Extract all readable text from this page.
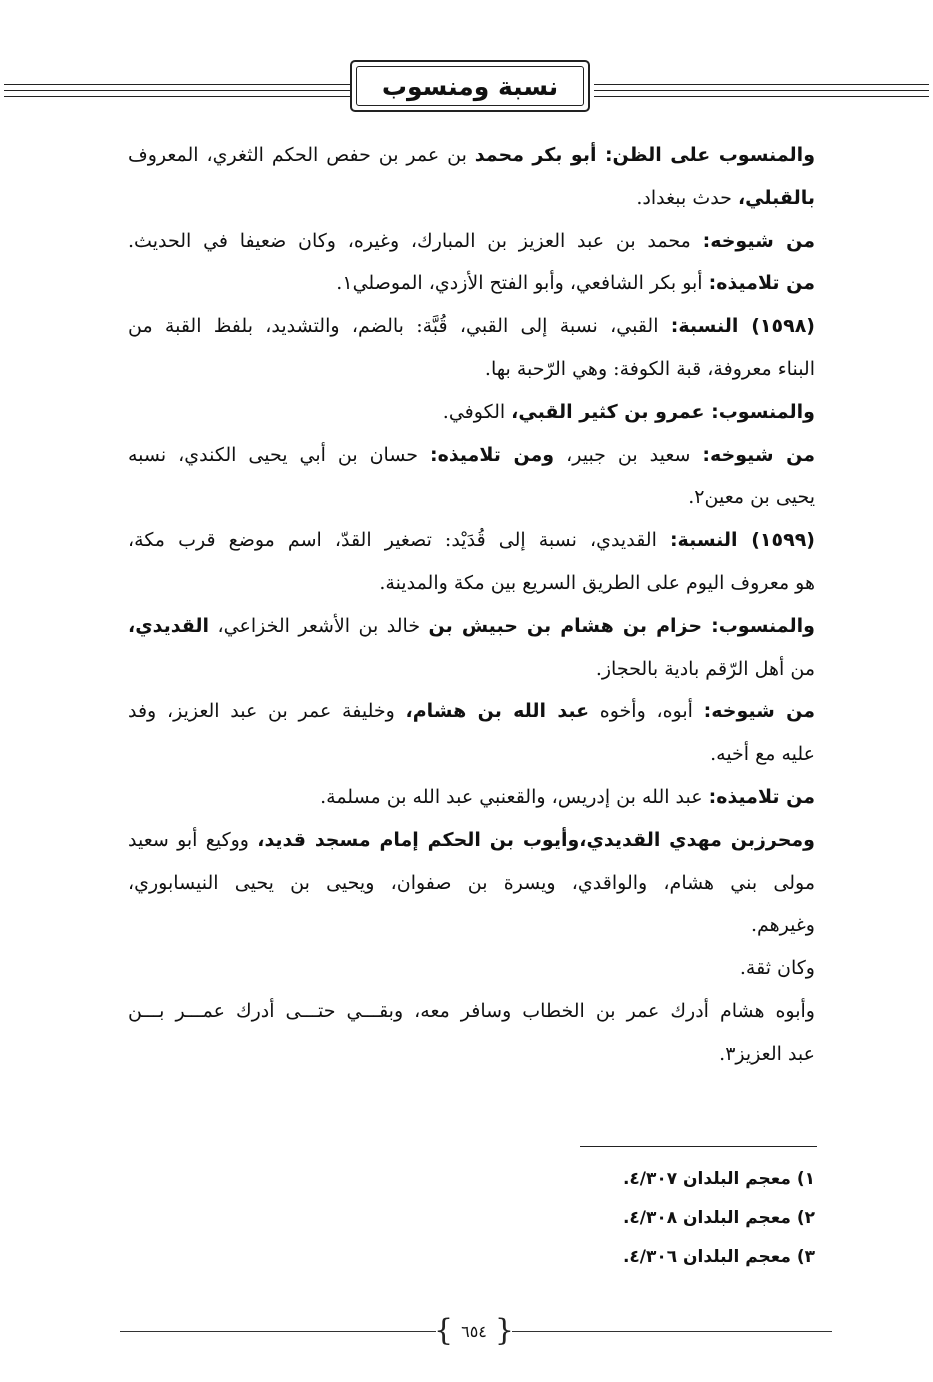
نسبة ومنسوب
والمنسوب على الظن: أبو بكر محمد بن عمر بن حفص الحكم الثغري، المعروف
بالقبلي، حدث ببغداد.
من شيوخه: محمد بن عبد العزيز بن المبارك، وغيره، وكان ضعيفا في الحديث.
من تلاميذه: أبو بكر الشافعي، وأبو الفتح الأزدي، الموصلي١.
(١٥٩٨) النسبة: القبي، نسبة إلى القبي، قُبَّة: بالضم، والتشديد، بلفظ القبة من
البناء معروفة، قبة الكوفة: وهي الرّحبة بها.
والمنسوب: عمرو بن كثير القبي، الكوفي.
من شيوخه: سعيد بن جبير، ومن تلاميذه: حسان بن أبي يحيى الكندي، نسبه
يحيى بن معين٢.
(١٥٩٩) النسبة: القديدي، نسبة إلى قُدَيْد: تصغير القدّ، اسم موضع قرب مكة،
هو معروف اليوم على الطريق السريع بين مكة والمدينة.
والمنسوب: حزام بن هشام بن حبيش بن خالد بن الأشعر الخزاعي، القديدي،
من أهل الرّقم بادية بالحجاز.
من شيوخه: أبوه، وأخوه عبد الله بن هشام، وخليفة عمر بن عبد العزيز، وفد
عليه مع أخيه.
من تلاميذه: عبد الله بن إدريس، والقعنبي عبد الله بن مسلمة.
ومحرزبن مهدي القديدي،وأيوب بن الحكم إمام مسجد قديد، ووكيع أبو سعيد
مولى بني هشام، والواقدي، ويسرة بن صفوان، ويحيى بن يحيى النيسابوري،
وغيرهم.
وكان ثقة.
وأبوه هشام أدرك عمر بن الخطاب وسافر معه، وبقـــي حتـــى أدرك عمـــر بـــن
عبد العزيز٣.
١) معجم البلدان ٤/٣٠٧.
٢) معجم البلدان ٤/٣٠٨.
٣) معجم البلدان ٤/٣٠٦.
{ ٦٥٤ }
